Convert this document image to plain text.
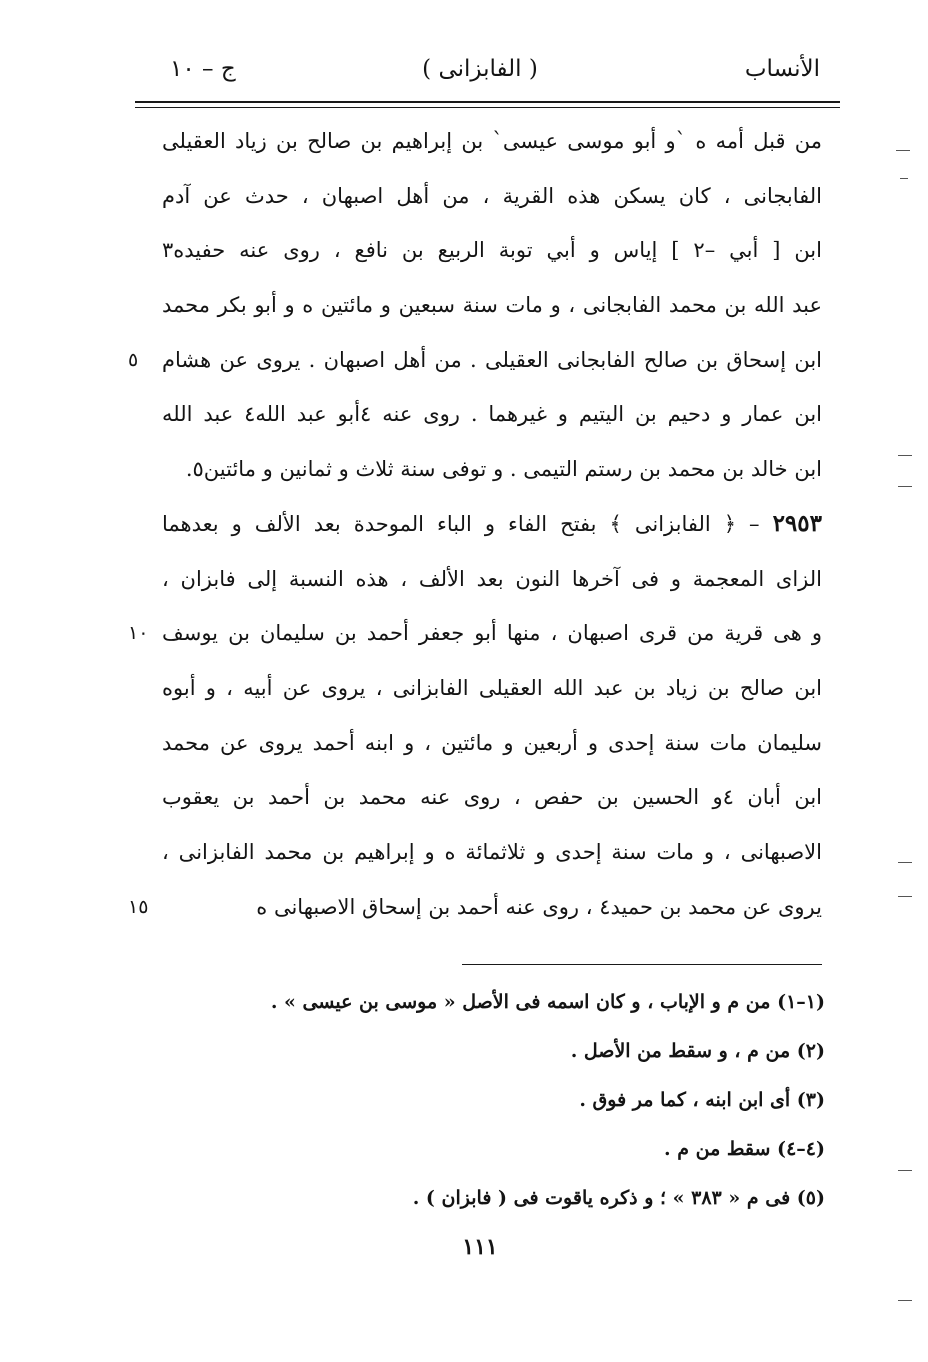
الأنساب
( الفابزانى )
ج – ١٠
من قبل أمه ه `و أبو موسى عيسى` بن إبراهيم بن صالح بن زياد العقيلى
الفابجانى ، كان يسكن هذه القرية ، من أهل اصبهان ، حدث عن آدم
ابن [ أبي –٢ ] إياس و أبي توبة الربيع بن نافع ، روى عنه حفيده٣
عبد الله بن محمد الفابجانى ، و مات سنة سبعين و مائتين ه و أبو بكر محمد
ابن إسحاق بن صالح الفابجانى العقيلى . من أهل اصبهان . يروى عن هشام
ابن عمار و دحيم بن اليتيم و غيرهما . روى عنه ٤أبو عبد الله٤ عبد الله
ابن خالد بن محمد بن رستم التيمى . و توفى سنة ثلاث و ثمانين و مائتين٥.
٢٩٥٣ – ﴿ الفابزانى ﴾ بفتح الفاء و الباء الموحدة بعد الألف و بعدهما
الزاى المعجمة و فى آخرها النون بعد الألف ، هذه النسبة إلى فابزان ،
و هى قرية من قرى اصبهان ، منها أبو جعفر أحمد بن سليمان بن يوسف
ابن صالح بن زياد بن عبد الله العقيلى الفابزانى ، يروى عن أبيه ، و أبوه
سليمان مات سنة إحدى و أربعين و مائتين ، و ابنه أحمد يروى عن محمد
ابن أبان ٤و الحسين بن حفص ، روى عنه محمد بن أحمد بن يعقوب
الاصبهانى ، و مات سنة إحدى و ثلاثمائة ه و إبراهيم بن محمد الفابزانى ،
يروى عن محمد بن حميد٤ ، روى عنه أحمد بن إسحاق الاصبهانى ه
٥
١٠
١٥
(١–١) من م و الإباب ، و كان اسمه فى الأصل « موسى بن عيسى » .
(٢) من م ، و سقط من الأصل .
(٣) أى ابن ابنه ، كما مر فوق .
(٤–٤) سقط من م .
(٥) فى م « ٣٨٣ » ؛ و ذكره ياقوت فى ( فابزان ) .
١١١
